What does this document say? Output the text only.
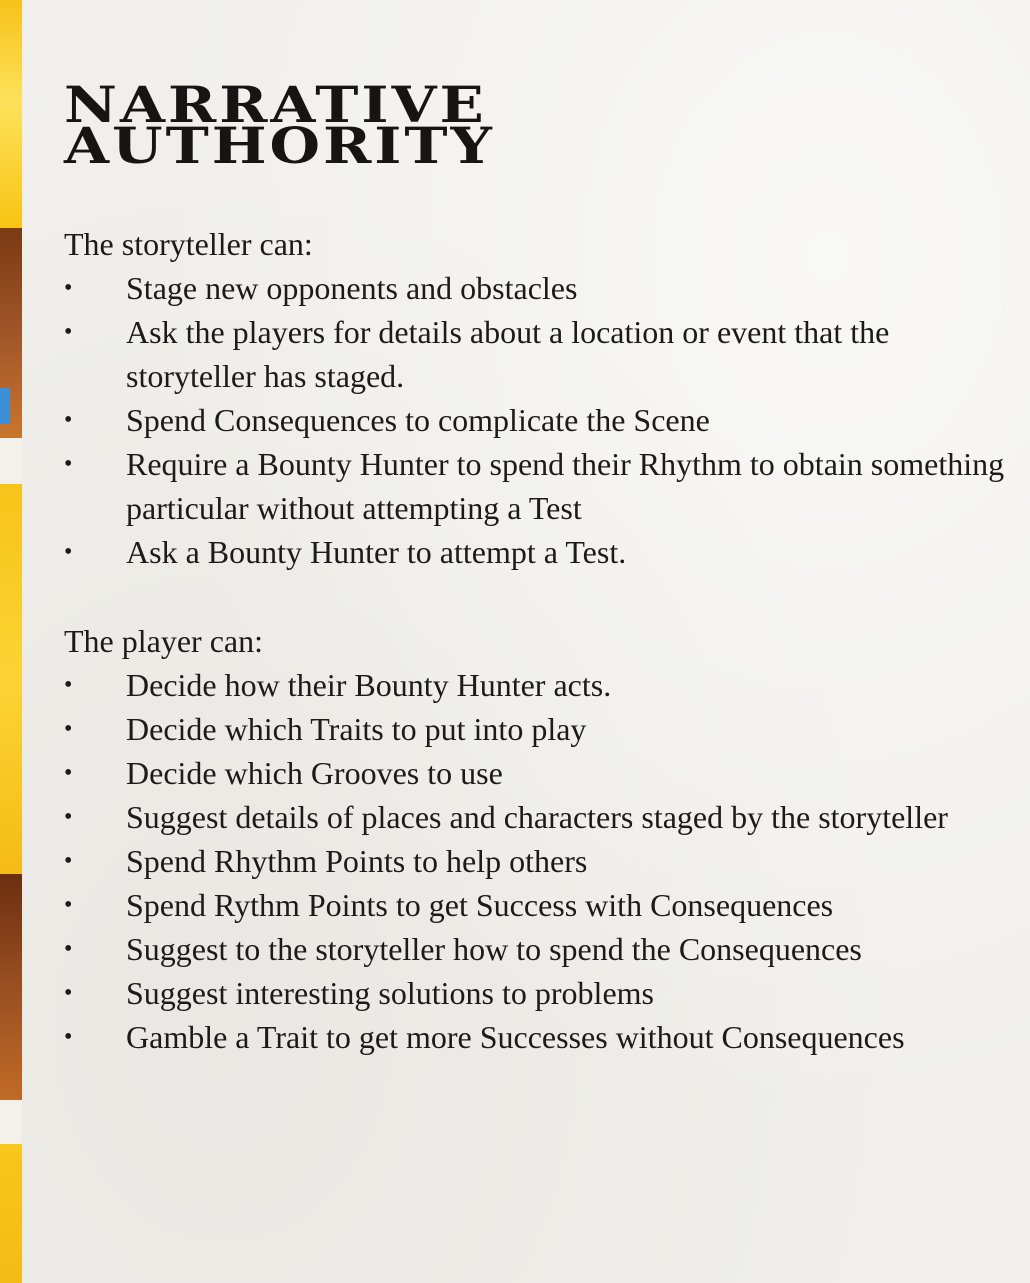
NARRATIVE
AUTHORITY

The storyteller can:

• Stage new opponents and obstacles
• Ask the players for details about a location or event that the storyteller has staged.
• Spend Consequences to complicate the Scene
• Require a Bounty Hunter to spend their Rhythm to obtain something particular without attempting a Test
• Ask a Bounty Hunter to attempt a Test.

The player can:

• Decide how their Bounty Hunter acts.
• Decide which Traits to put into play
• Decide which Grooves to use
• Suggest details of places and characters staged by the storyteller
• Spend Rhythm Points to help others
• Spend Rythm Points to get Success with Consequences
• Suggest to the storyteller how to spend the Consequences
• Suggest interesting solutions to problems
• Gamble a Trait to get more Successes without Consequences
